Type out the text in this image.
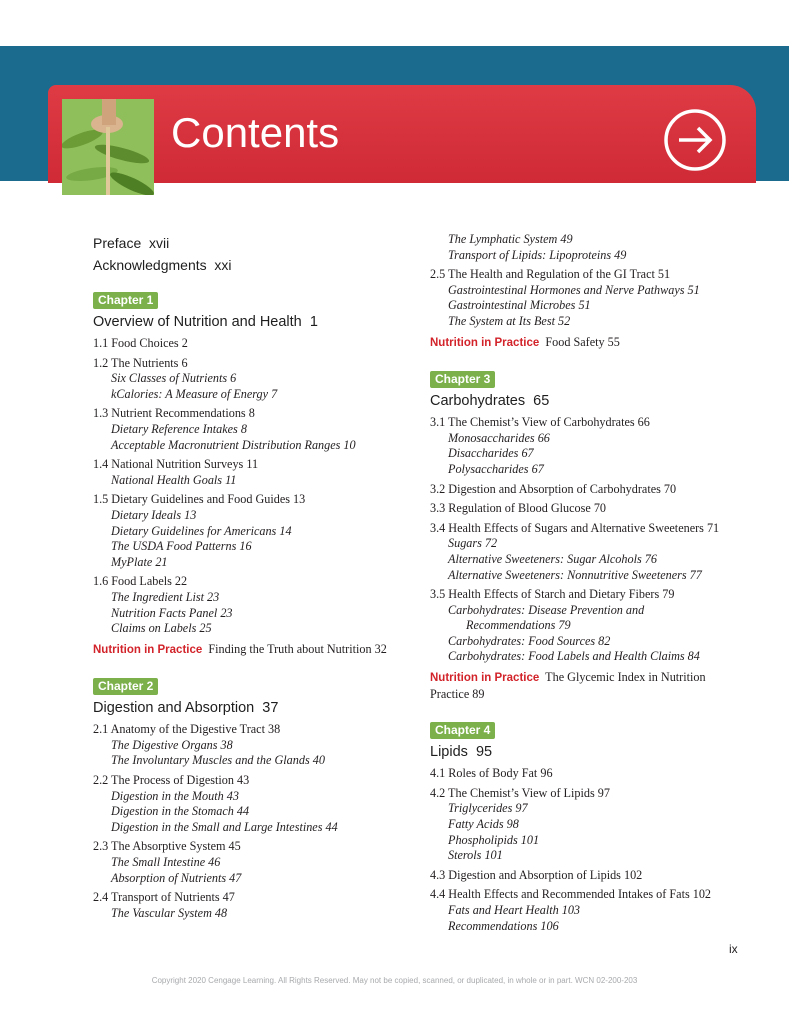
Contents
Preface xvii
Acknowledgments xxi
Chapter 1
Overview of Nutrition and Health 1
1.1 Food Choices 2
1.2 The Nutrients 6
Six Classes of Nutrients 6
kCalories: A Measure of Energy 7
1.3 Nutrient Recommendations 8
Dietary Reference Intakes 8
Acceptable Macronutrient Distribution Ranges 10
1.4 National Nutrition Surveys 11
National Health Goals 11
1.5 Dietary Guidelines and Food Guides 13
Dietary Ideals 13
Dietary Guidelines for Americans 14
The USDA Food Patterns 16
MyPlate 21
1.6 Food Labels 22
The Ingredient List 23
Nutrition Facts Panel 23
Claims on Labels 25
Nutrition in Practice Finding the Truth about Nutrition 32
Chapter 2
Digestion and Absorption 37
2.1 Anatomy of the Digestive Tract 38
The Digestive Organs 38
The Involuntary Muscles and the Glands 40
2.2 The Process of Digestion 43
Digestion in the Mouth 43
Digestion in the Stomach 44
Digestion in the Small and Large Intestines 44
2.3 The Absorptive System 45
The Small Intestine 46
Absorption of Nutrients 47
2.4 Transport of Nutrients 47
The Vascular System 48
The Lymphatic System 49
Transport of Lipids: Lipoproteins 49
2.5 The Health and Regulation of the GI Tract 51
Gastrointestinal Hormones and Nerve Pathways 51
Gastrointestinal Microbes 51
The System at Its Best 52
Nutrition in Practice Food Safety 55
Chapter 3
Carbohydrates 65
3.1 The Chemist’s View of Carbohydrates 66
Monosaccharides 66
Disaccharides 67
Polysaccharides 67
3.2 Digestion and Absorption of Carbohydrates 70
3.3 Regulation of Blood Glucose 70
3.4 Health Effects of Sugars and Alternative Sweeteners 71
Sugars 72
Alternative Sweeteners: Sugar Alcohols 76
Alternative Sweeteners: Nonnutritive Sweeteners 77
3.5 Health Effects of Starch and Dietary Fibers 79
Carbohydrates: Disease Prevention and
Recommendations 79
Carbohydrates: Food Sources 82
Carbohydrates: Food Labels and Health Claims 84
Nutrition in Practice The Glycemic Index in Nutrition
Practice 89
Chapter 4
Lipids 95
4.1 Roles of Body Fat 96
4.2 The Chemist’s View of Lipids 97
Triglycerides 97
Fatty Acids 98
Phospholipids 101
Sterols 101
4.3 Digestion and Absorption of Lipids 102
4.4 Health Effects and Recommended Intakes of Fats 102
Fats and Heart Health 103
Recommendations 106
ix
Copyright 2020 Cengage Learning. All Rights Reserved. May not be copied, scanned, or duplicated, in whole or in part. WCN 02-200-203
